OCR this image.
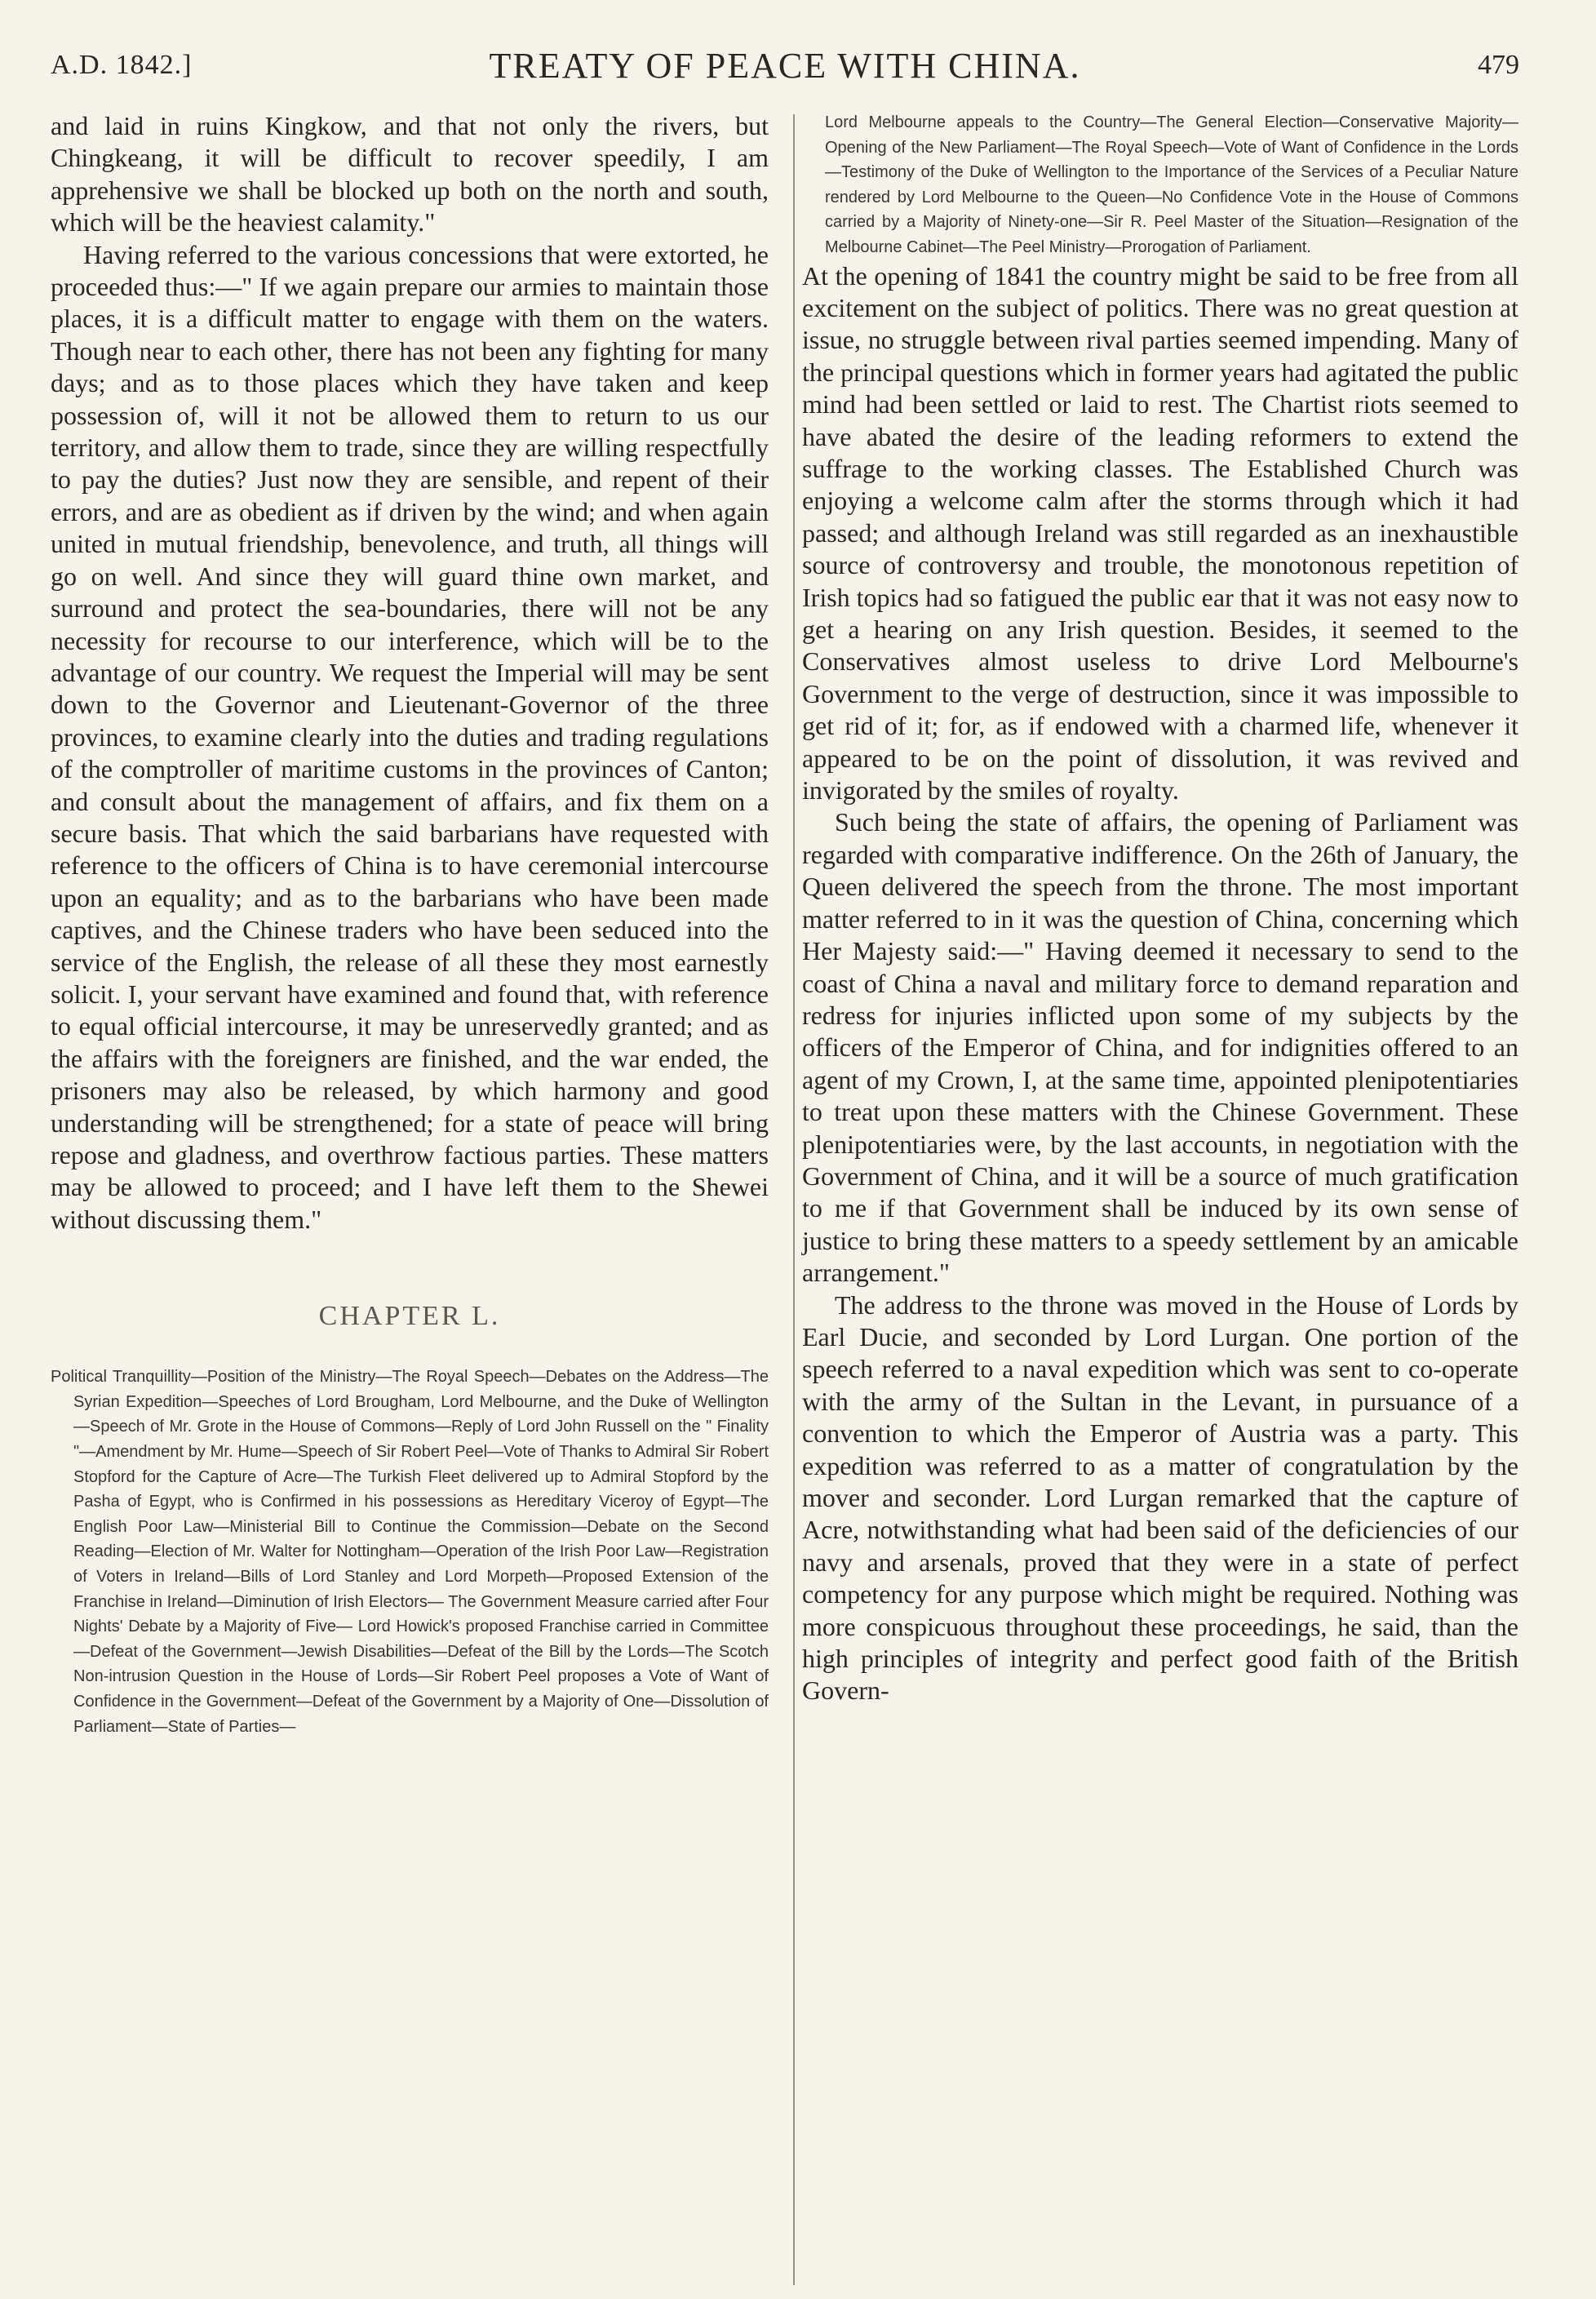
A.D. 1842.]	TREATY OF PEACE WITH CHINA.	479

and laid in ruins Kingkow, and that not only the rivers, but Chingkeang, it will be difficult to recover speedily, I am apprehensive we shall be blocked up both on the north and south, which will be the heaviest calamity."

Having referred to the various concessions that were extorted, he proceeded thus:—" If we again prepare our armies to maintain those places, it is a difficult matter to engage with them on the waters. Though near to each other, there has not been any fighting for many days; and as to those places which they have taken and keep possession of, will it not be allowed them to return to us our territory, and allow them to trade, since they are willing respectfully to pay the duties? Just now they are sensible, and repent of their errors, and are as obedient as if driven by the wind; and when again united in mutual friendship, benevolence, and truth, all things will go on well. And since they will guard thine own market, and surround and protect the sea-boundaries, there will not be any necessity for recourse to our interference, which will be to the advantage of our country. We request the Imperial will may be sent down to the Governor and Lieutenant-Governor of the three provinces, to examine clearly into the duties and trading regulations of the comptroller of maritime customs in the provinces of Canton; and consult about the management of affairs, and fix them on a secure basis. That which the said barbarians have requested with reference to the officers of China is to have ceremonial intercourse upon an equality; and as to the barbarians who have been made captives, and the Chinese traders who have been seduced into the service of the English, the release of all these they most earnestly solicit. I, your servant have examined and found that, with reference to equal official intercourse, it may be unreservedly granted; and as the affairs with the foreigners are finished, and the war ended, the prisoners may also be released, by which harmony and good understanding will be strengthened; for a state of peace will bring repose and gladness, and overthrow factious parties. These matters may be allowed to proceed; and I have left them to the Shewei without discussing them."

CHAPTER L.

Political Tranquillity—Position of the Ministry—The Royal Speech—Debates on the Address—The Syrian Expedition—Speeches of Lord Brougham, Lord Melbourne, and the Duke of Wellington—Speech of Mr. Grote in the House of Commons—Reply of Lord John Russell on the " Finality "—Amendment by Mr. Hume—Speech of Sir Robert Peel—Vote of Thanks to Admiral Sir Robert Stopford for the Capture of Acre—The Turkish Fleet delivered up to Admiral Stopford by the Pasha of Egypt, who is Confirmed in his possessions as Hereditary Viceroy of Egypt—The English Poor Law—Ministerial Bill to Continue the Commission—Debate on the Second Reading—Election of Mr. Walter for Nottingham—Operation of the Irish Poor Law—Registration of Voters in Ireland—Bills of Lord Stanley and Lord Morpeth—Proposed Extension of the Franchise in Ireland—Diminution of Irish Electors— The Government Measure carried after Four Nights' Debate by a Majority of Five— Lord Howick's proposed Franchise carried in Committee—Defeat of the Government—Jewish Disabilities—Defeat of the Bill by the Lords—The Scotch Non-intrusion Question in the House of Lords—Sir Robert Peel proposes a Vote of Want of Confidence in the Government—Defeat of the Government by a Majority of One—Dissolution of Parliament—State of Parties—

Lord Melbourne appeals to the Country—The General Election—Conservative Majority—Opening of the New Parliament—The Royal Speech—Vote of Want of Confidence in the Lords—Testimony of the Duke of Wellington to the Importance of the Services of a Peculiar Nature rendered by Lord Melbourne to the Queen—No Confidence Vote in the House of Commons carried by a Majority of Ninety-one—Sir R. Peel Master of the Situation—Resignation of the Melbourne Cabinet—The Peel Ministry—Prorogation of Parliament.

At the opening of 1841 the country might be said to be free from all excitement on the subject of politics. There was no great question at issue, no struggle between rival parties seemed impending. Many of the principal questions which in former years had agitated the public mind had been settled or laid to rest. The Chartist riots seemed to have abated the desire of the leading reformers to extend the suffrage to the working classes. The Established Church was enjoying a welcome calm after the storms through which it had passed; and although Ireland was still regarded as an inexhaustible source of controversy and trouble, the monotonous repetition of Irish topics had so fatigued the public ear that it was not easy now to get a hearing on any Irish question. Besides, it seemed to the Conservatives almost useless to drive Lord Melbourne's Government to the verge of destruction, since it was impossible to get rid of it; for, as if endowed with a charmed life, whenever it appeared to be on the point of dissolution, it was revived and invigorated by the smiles of royalty.

Such being the state of affairs, the opening of Parliament was regarded with comparative indifference. On the 26th of January, the Queen delivered the speech from the throne. The most important matter referred to in it was the question of China, concerning which Her Majesty said:—" Having deemed it necessary to send to the coast of China a naval and military force to demand reparation and redress for injuries inflicted upon some of my subjects by the officers of the Emperor of China, and for indignities offered to an agent of my Crown, I, at the same time, appointed plenipotentiaries to treat upon these matters with the Chinese Government. These plenipotentiaries were, by the last accounts, in negotiation with the Government of China, and it will be a source of much gratification to me if that Government shall be induced by its own sense of justice to bring these matters to a speedy settlement by an amicable arrangement."

The address to the throne was moved in the House of Lords by Earl Ducie, and seconded by Lord Lurgan. One portion of the speech referred to a naval expedition which was sent to co-operate with the army of the Sultan in the Levant, in pursuance of a convention to which the Emperor of Austria was a party. This expedition was referred to as a matter of congratulation by the mover and seconder. Lord Lurgan remarked that the capture of Acre, notwithstanding what had been said of the deficiencies of our navy and arsenals, proved that they were in a state of perfect competency for any purpose which might be required. Nothing was more conspicuous throughout these proceedings, he said, than the high principles of integrity and perfect good faith of the British Govern-
